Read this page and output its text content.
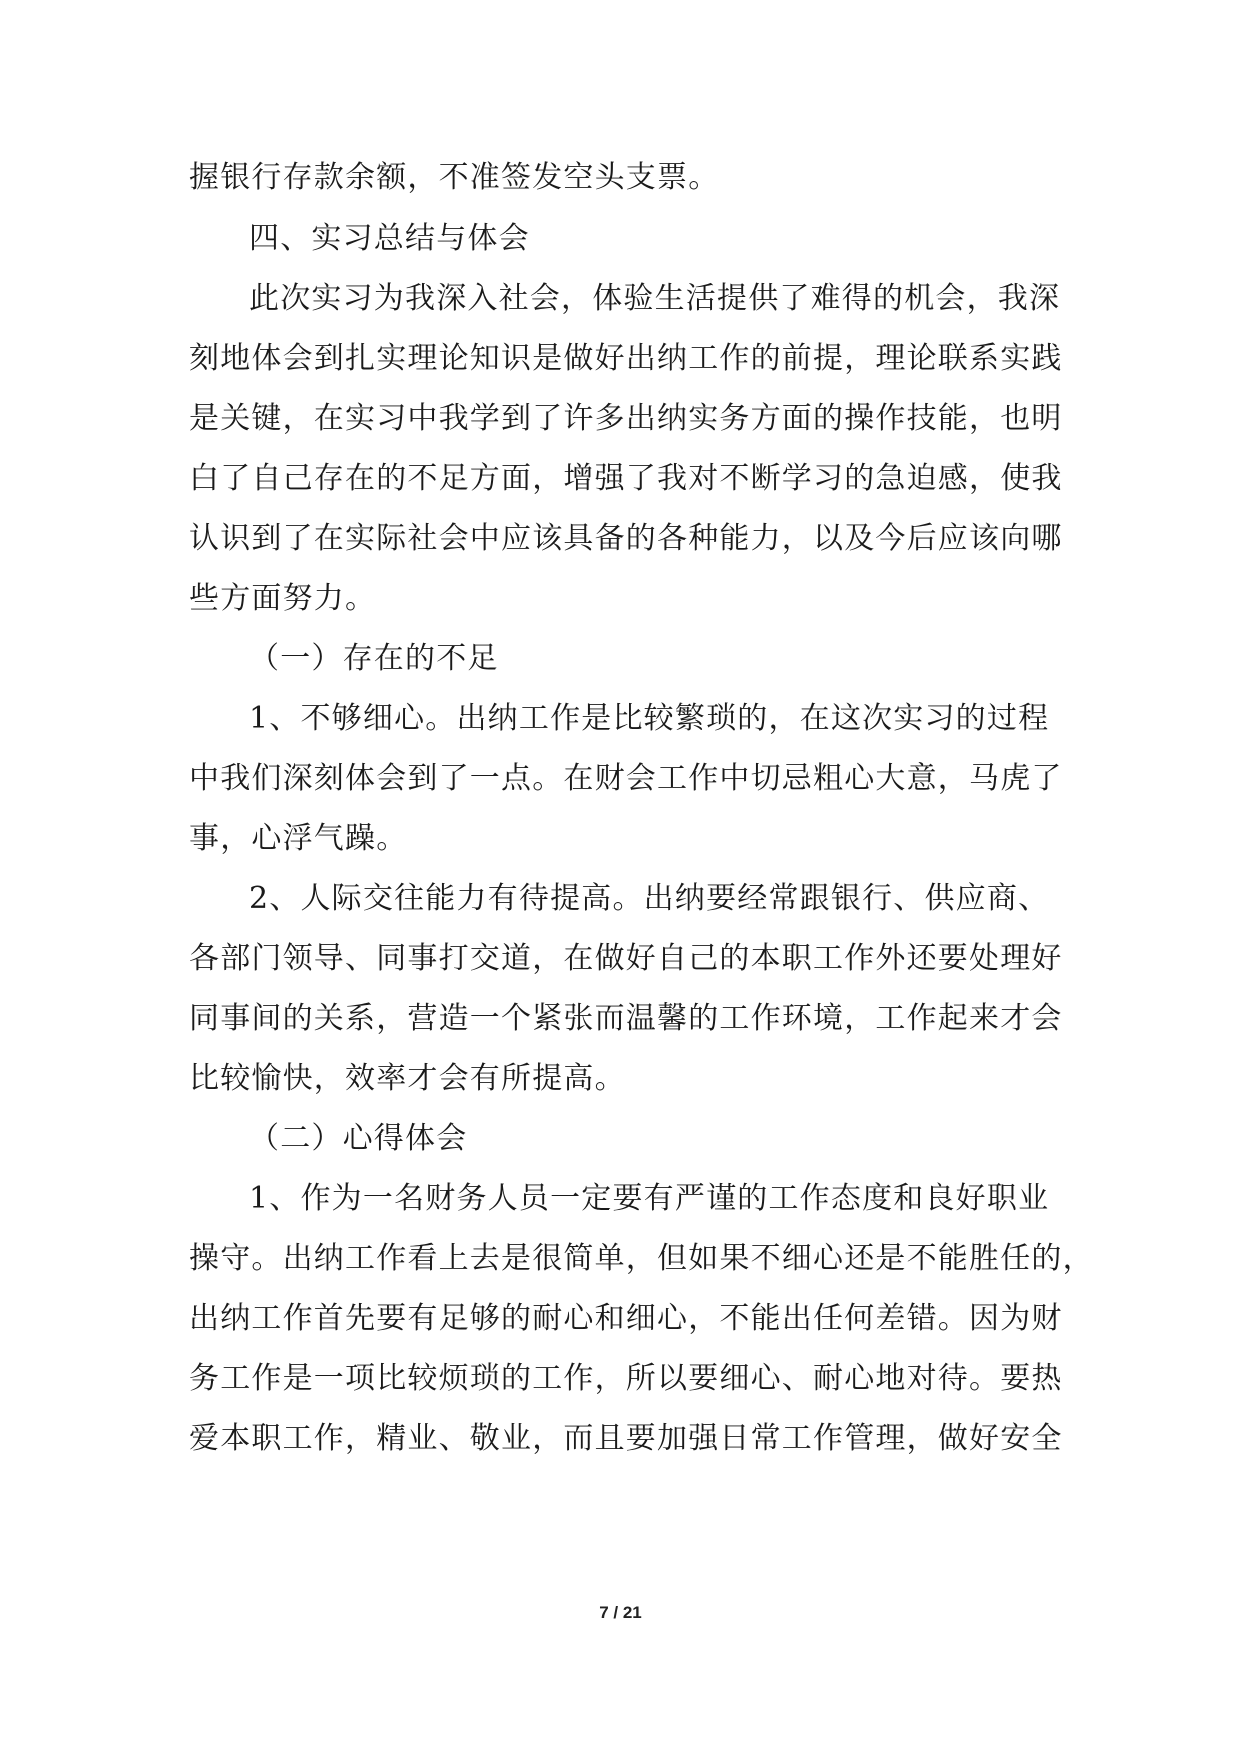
握银行存款余额，不准签发空头支票。
四、实习总结与体会
此次实习为我深入社会，体验生活提供了难得的机会，我深
刻地体会到扎实理论知识是做好出纳工作的前提，理论联系实践
是关键，在实习中我学到了许多出纳实务方面的操作技能，也明
白了自己存在的不足方面，增强了我对不断学习的急迫感，使我
认识到了在实际社会中应该具备的各种能力，以及今后应该向哪
些方面努力。
（一）存在的不足
1、不够细心。出纳工作是比较繁琐的，在这次实习的过程
中我们深刻体会到了一点。在财会工作中切忌粗心大意，马虎了
事，心浮气躁。
2、人际交往能力有待提高。出纳要经常跟银行、供应商、
各部门领导、同事打交道，在做好自己的本职工作外还要处理好
同事间的关系，营造一个紧张而温馨的工作环境，工作起来才会
比较愉快，效率才会有所提高。
（二）心得体会
1、作为一名财务人员一定要有严谨的工作态度和良好职业
操守。出纳工作看上去是很简单，但如果不细心还是不能胜任的，
出纳工作首先要有足够的耐心和细心，不能出任何差错。因为财
务工作是一项比较烦琐的工作，所以要细心、耐心地对待。要热
爱本职工作，精业、敬业，而且要加强日常工作管理，做好安全
7 / 21
